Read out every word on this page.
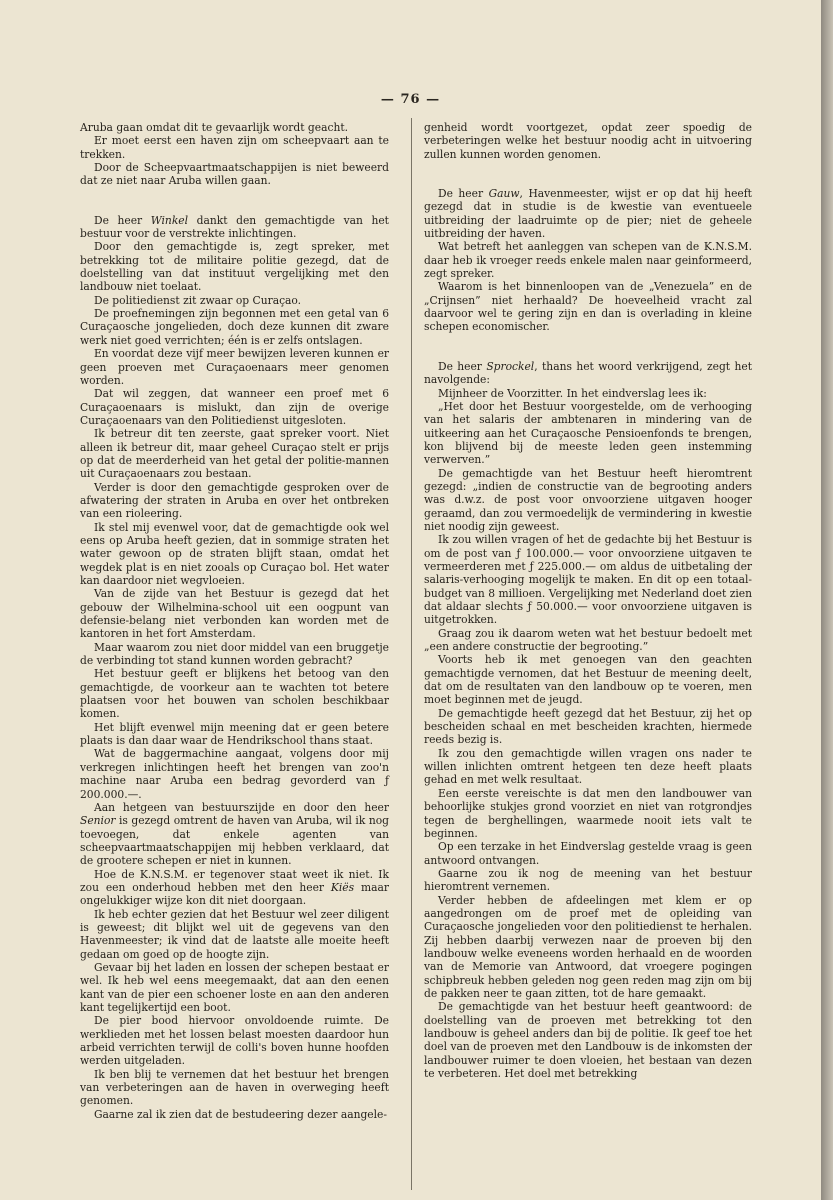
— 76 —

Aruba gaan omdat dit te gevaarlijk wordt geacht.

Er moet eerst een haven zijn om scheepvaart aan te trekken.

Door de Scheepvaartmaatschappijen is niet beweerd dat ze niet naar Aruba willen gaan.

De heer Winkel dankt den gemachtigde van het bestuur voor de verstrekte inlichtingen.

Door den gemachtigde is, zegt spreker, met betrekking tot de militaire politie gezegd, dat de doelstelling van dat instituut vergelijking met den landbouw niet toelaat.

De politiedienst zit zwaar op Curaçao.

De proefnemingen zijn begonnen met een getal van 6 Curaçaosche jongelieden, doch deze kunnen dit zware werk niet goed verrichten; één is er zelfs ontslagen.

En voordat deze vijf meer bewijzen leveren kunnen er geen proeven met Curaçaoenaars meer genomen worden.

Dat wil zeggen, dat wanneer een proef met 6 Curaçaoenaars is mislukt, dan zijn de overige Curaçaoenaars van den Politiedienst uitgesloten.

Ik betreur dit ten zeerste, gaat spreker voort. Niet alleen ik betreur dit, maar geheel Curaçao stelt er prijs op dat de meerderheid van het getal der politie-mannen uit Curaçaoenaars zou bestaan.

Verder is door den gemachtigde gesproken over de afwatering der straten in Aruba en over het ontbreken van een rioleering.

Ik stel mij evenwel voor, dat de gemachtigde ook wel eens op Aruba heeft gezien, dat in sommige straten het water gewoon op de straten blijft staan, omdat het wegdek plat is en niet zooals op Curaçao bol. Het water kan daardoor niet wegvloeien.

Van de zijde van het Bestuur is gezegd dat het gebouw der Wilhelmina-school uit een oogpunt van defensie-belang niet verbonden kan worden met de kantoren in het fort Amsterdam.

Maar waarom zou niet door middel van een bruggetje de verbinding tot stand kunnen worden gebracht?

Het bestuur geeft er blijkens het betoog van den gemachtigde, de voorkeur aan te wachten tot betere plaatsen voor het bouwen van scholen beschikbaar komen.

Het blijft evenwel mijn meening dat er geen betere plaats is dan daar waar de Hendrikschool thans staat.

Wat de baggermachine aangaat, volgens door mij verkregen inlichtingen heeft het brengen van zoo'n machine naar Aruba een bedrag gevorderd van ƒ 200.000.—.

Aan hetgeen van bestuurszijde en door den heer Senior is gezegd omtrent de haven van Aruba, wil ik nog toevoegen, dat enkele agenten van scheepvaartmaatschappijen mij hebben verklaard, dat de grootere schepen er niet in kunnen.

Hoe de K.N.S.M. er tegenover staat weet ik niet. Ik zou een onderhoud hebben met den heer Kiës maar ongelukkiger wijze kon dit niet doorgaan.

Ik heb echter gezien dat het Bestuur wel zeer diligent is geweest; dit blijkt wel uit de gegevens van den Havenmeester; ik vind dat de laatste alle moeite heeft gedaan om goed op de hoogte zijn.

Gevaar bij het laden en lossen der schepen bestaat er wel. Ik heb wel eens meegemaakt, dat aan den eenen kant van de pier een schoener loste en aan den anderen kant tegelijkertijd een boot.

De pier bood hiervoor onvoldoende ruimte. De werklieden met het lossen belast moesten daardoor hun arbeid verrichten terwijl de colli's boven hunne hoofden werden uitgeladen.

Ik ben blij te vernemen dat het bestuur het brengen van verbeteringen aan de haven in overweging heeft genomen.

Gaarne zal ik zien dat de bestudeering dezer aangele-

genheid wordt voortgezet, opdat zeer spoedig de verbeteringen welke het bestuur noodig acht in uitvoering zullen kunnen worden genomen.

De heer Gauw, Havenmeester, wijst er op dat hij heeft gezegd dat in studie is de kwestie van eventueele uitbreiding der laadruimte op de pier; niet de geheele uitbreiding der haven.

Wat betreft het aanleggen van schepen van de K.N.S.M. daar heb ik vroeger reeds enkele malen naar geinformeerd, zegt spreker.

Waarom is het binnenloopen van de „Venezuela” en de „Crijnsen” niet herhaald? De hoeveelheid vracht zal daarvoor wel te gering zijn en dan is overlading in kleine schepen economischer.

De heer Sprockel, thans het woord verkrijgend, zegt het navolgende:

Mijnheer de Voorzitter. In het eindverslag lees ik:

„Het door het Bestuur voorgestelde, om de verhooging van het salaris der ambtenaren in mindering van de uitkeering aan het Curaçaosche Pensioenfonds te brengen, kon blijvend bij de meeste leden geen instemming verwerven.”

De gemachtigde van het Bestuur heeft hieromtrent gezegd: „indien de constructie van de begrooting anders was d.w.z. de post voor onvoorziene uitgaven hooger geraamd, dan zou vermoedelijk de vermindering in kwestie niet noodig zijn geweest.

Ik zou willen vragen of het de gedachte bij het Bestuur is om de post van ƒ 100.000.— voor onvoorziene uitgaven te vermeerderen met ƒ 225.000.— om aldus de uitbetaling der salaris-verhooging mogelijk te maken. En dit op een totaal-budget van 8 millioen. Vergelijking met Nederland doet zien dat aldaar slechts ƒ 50.000.— voor onvoorziene uitgaven is uitgetrokken.

Graag zou ik daarom weten wat het bestuur bedoelt met „een andere constructie der begrooting.”

Voorts heb ik met genoegen van den geachten gemachtigde vernomen, dat het Bestuur de meening deelt, dat om de resultaten van den landbouw op te voeren, men moet beginnen met de jeugd.

De gemachtigde heeft gezegd dat het Bestuur, zij het op bescheiden schaal en met bescheiden krachten, hiermede reeds bezig is.

Ik zou den gemachtigde willen vragen ons nader te willen inlichten omtrent hetgeen ten deze heeft plaats gehad en met welk resultaat.

Een eerste vereischte is dat men den landbouwer van behoorlijke stukjes grond voorziet en niet van rotgrondjes tegen de berghellingen, waarmede nooit iets valt te beginnen.

Op een terzake in het Eindverslag gestelde vraag is geen antwoord ontvangen.

Gaarne zou ik nog de meening van het bestuur hieromtrent vernemen.

Verder hebben de afdeelingen met klem er op aangedrongen om de proef met de opleiding van Curaçaosche jongelieden voor den politiedienst te herhalen. Zij hebben daarbij verwezen naar de proeven bij den landbouw welke eveneens worden herhaald en de woorden van de Memorie van Antwoord, dat vroegere pogingen schipbreuk hebben geleden nog geen reden mag zijn om bij de pakken neer te gaan zitten, tot de hare gemaakt.

De gemachtigde van het bestuur heeft geantwoord: de doelstelling van de proeven met betrekking tot den landbouw is geheel anders dan bij de politie. Ik geef toe het doel van de proeven met den Landbouw is de inkomsten der landbouwer ruimer te doen vloeien, het bestaan van dezen te verbeteren. Het doel met betrekking
